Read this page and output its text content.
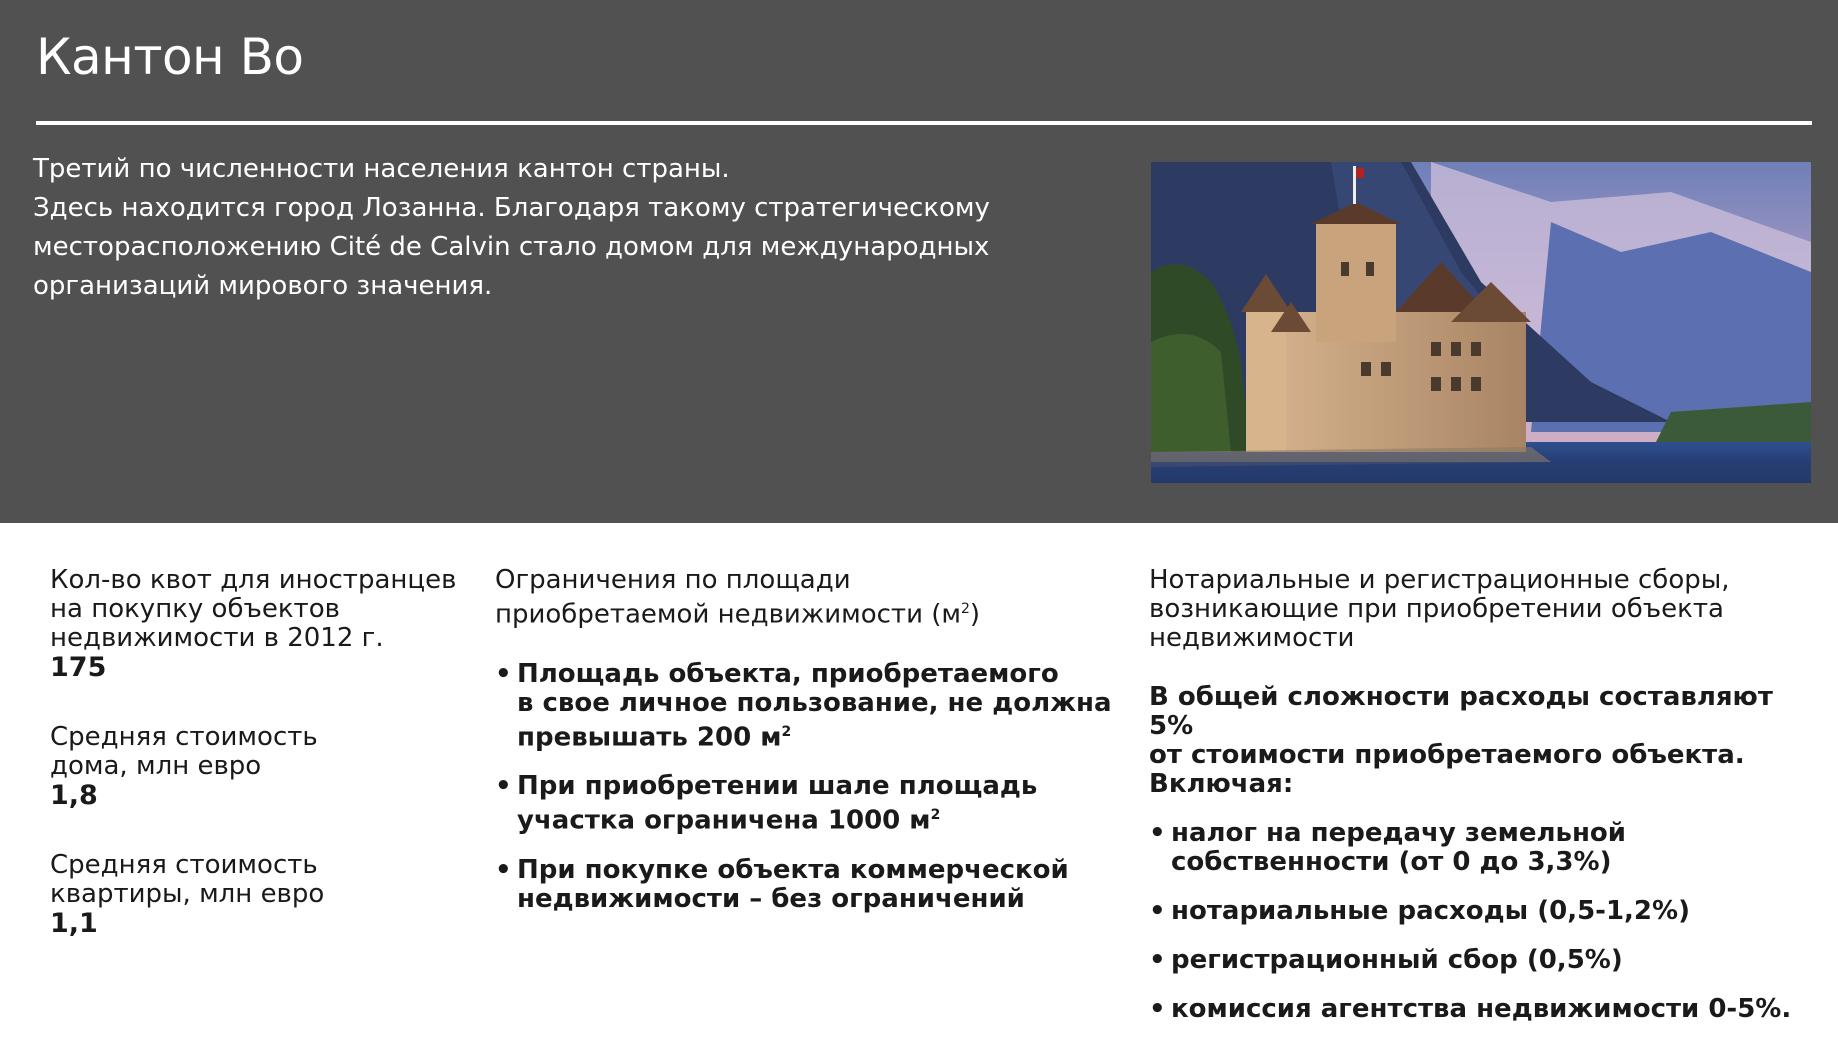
Кантон Во

Третий по численности населения кантон страны.

Здесь находится город Лозанна. Благодаря такому стратегическому

месторасположению Cité de Calvin стало домом для международных

организаций мирового значения.

Кол-во квот для иностранцев

на покупку объектов

недвижимости в 2012 г.

175

Средняя стоимость

дома, млн евро

1,8

Средняя стоимость

квартиры, млн евро

1,1

Ограничения по площади

приобретаемой недвижимости $(м^2)$

• Площадь объекта, приобретаемого
в свое личное пользование, не должна
превышать 200 $м^2$
• При приобретении шале площадь
участка ограничена 1000 $м^2$
• При покупке объекта коммерческой
недвижимости – без ограничений

Нотариальные и регистрационные сборы,

возникающие при приобретении объекта

недвижимости

В общей сложности расходы составляют 5%
от стоимости приобретаемого объекта.
Включая:
• налог на передачу земельной
собственности (от 0 до 3,3%)
• нотариальные расходы (0,5-1,2%)
• регистрационный сбор (0,5%)
• комиссия агентства недвижимости 0-5%.
